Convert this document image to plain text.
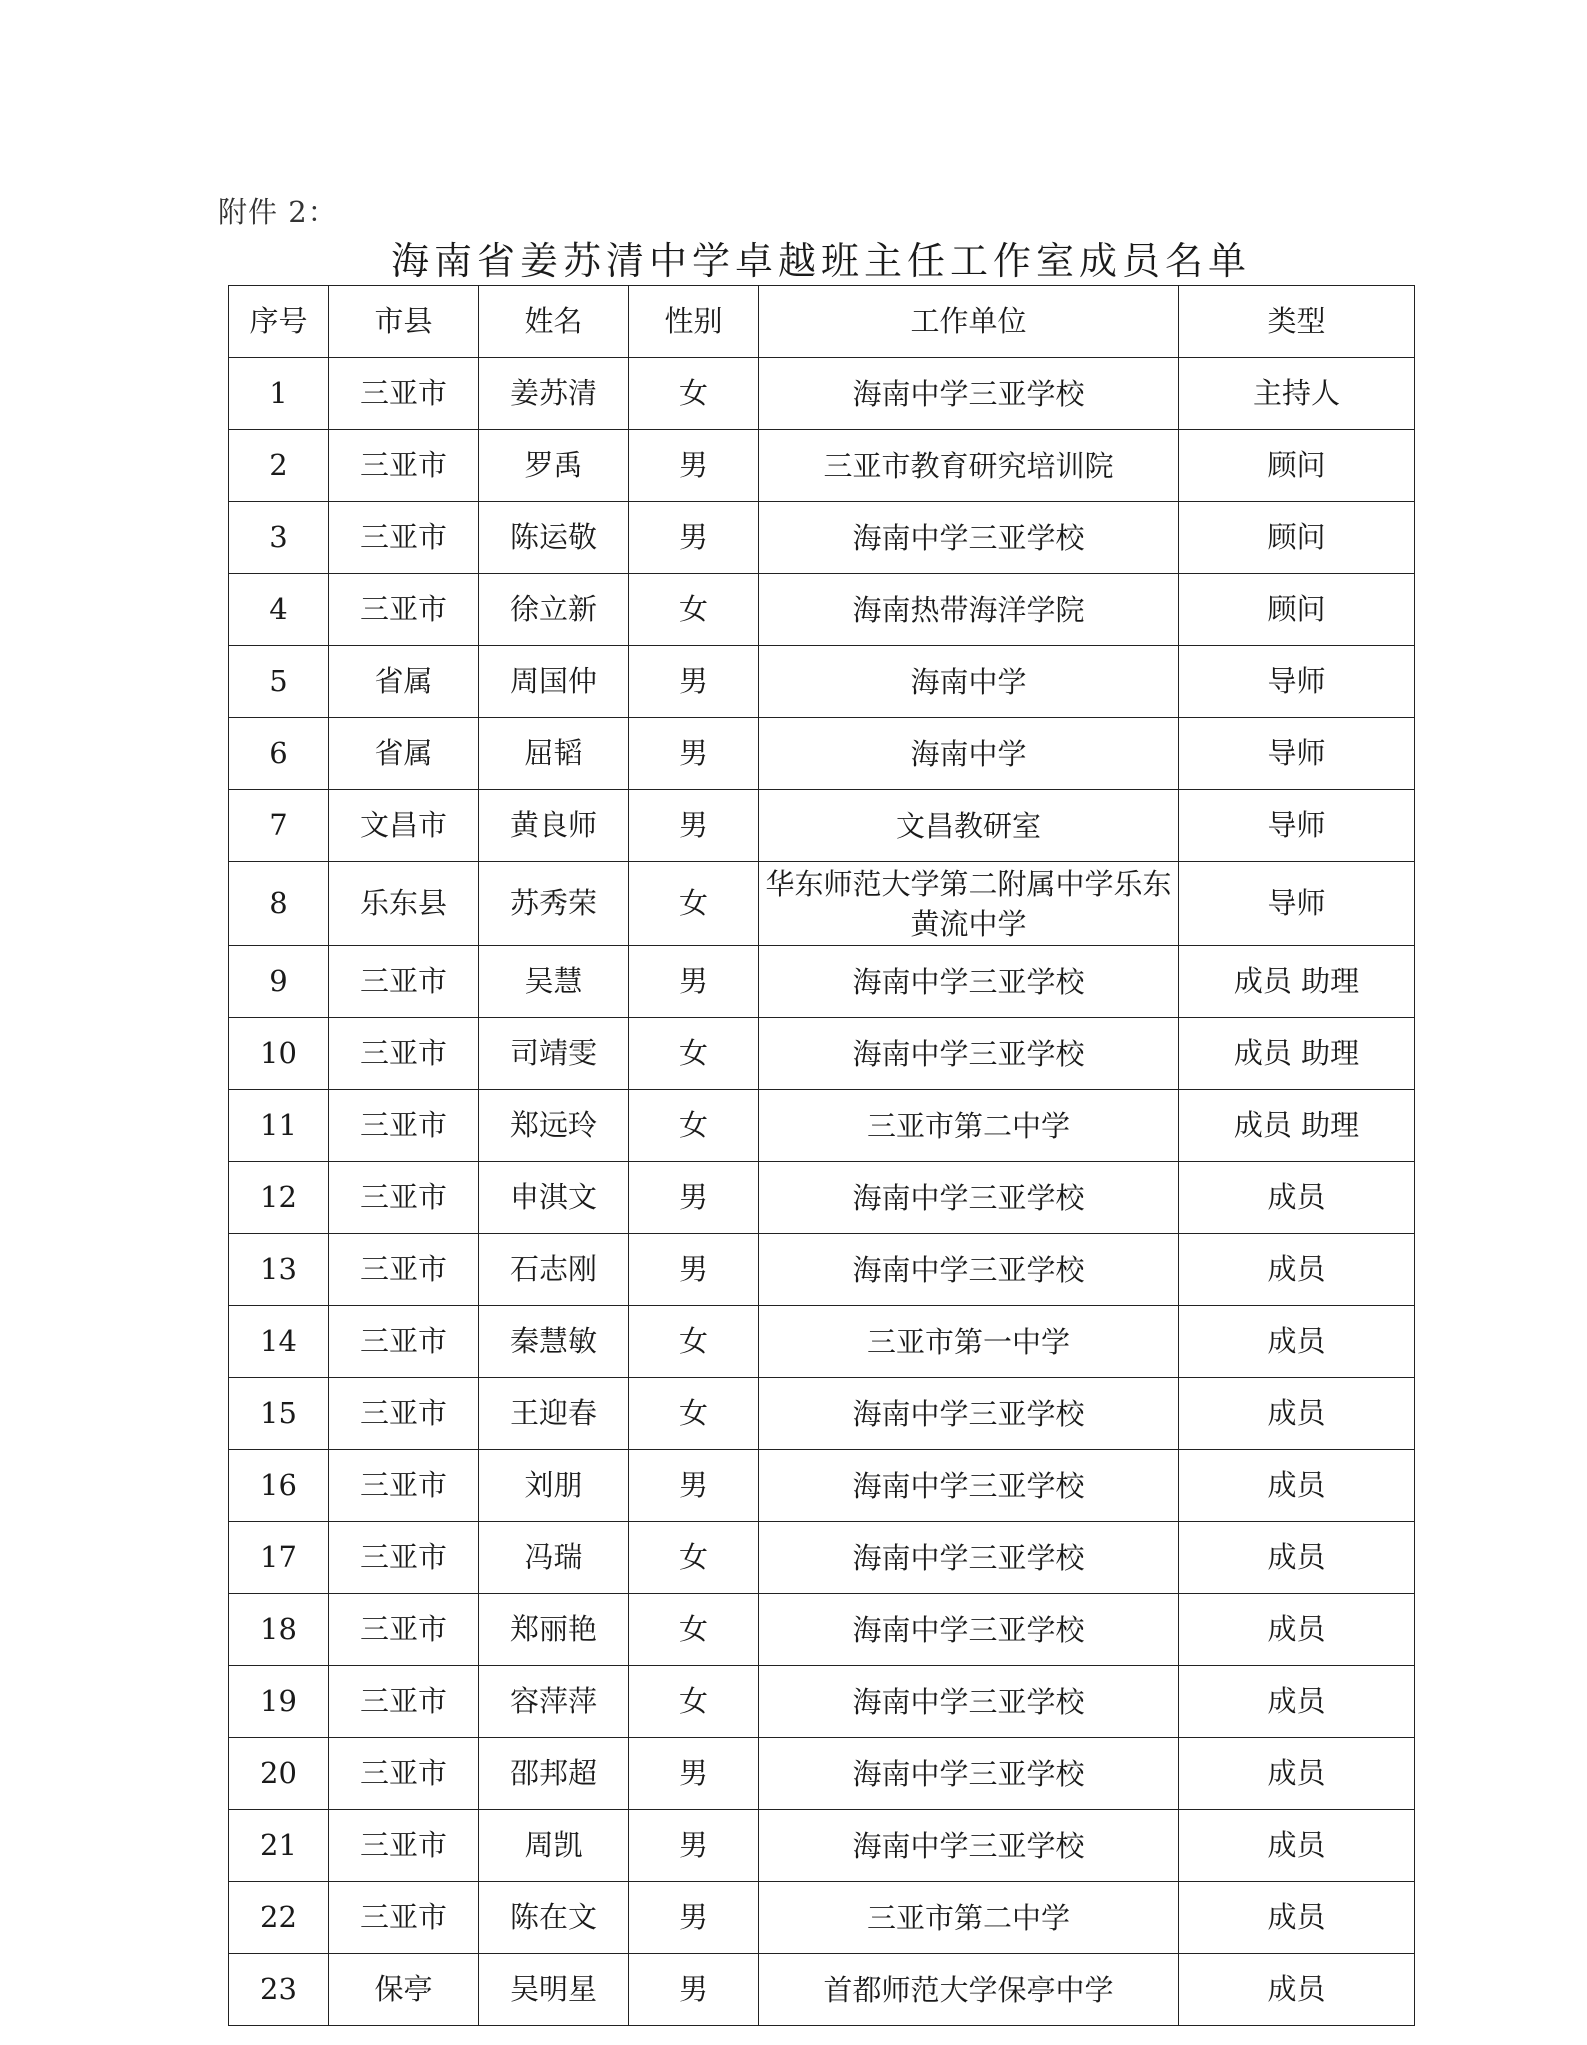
附件 2：
海南省姜苏清中学卓越班主任工作室成员名单
序号	市县	姓名	性别	工作单位	类型
1	三亚市	姜苏清	女	海南中学三亚学校	主持人
2	三亚市	罗禹	男	三亚市教育研究培训院	顾问
3	三亚市	陈运敬	男	海南中学三亚学校	顾问
4	三亚市	徐立新	女	海南热带海洋学院	顾问
5	省属	周国仲	男	海南中学	导师
6	省属	屈韬	男	海南中学	导师
7	文昌市	黄良师	男	文昌教研室	导师
8	乐东县	苏秀荣	女	华东师范大学第二附属中学乐东黄流中学	导师
9	三亚市	吴慧	男	海南中学三亚学校	成员 助理
10	三亚市	司靖雯	女	海南中学三亚学校	成员 助理
11	三亚市	郑远玲	女	三亚市第二中学	成员 助理
12	三亚市	申淇文	男	海南中学三亚学校	成员
13	三亚市	石志刚	男	海南中学三亚学校	成员
14	三亚市	秦慧敏	女	三亚市第一中学	成员
15	三亚市	王迎春	女	海南中学三亚学校	成员
16	三亚市	刘朋	男	海南中学三亚学校	成员
17	三亚市	冯瑞	女	海南中学三亚学校	成员
18	三亚市	郑丽艳	女	海南中学三亚学校	成员
19	三亚市	容萍萍	女	海南中学三亚学校	成员
20	三亚市	邵邦超	男	海南中学三亚学校	成员
21	三亚市	周凯	男	海南中学三亚学校	成员
22	三亚市	陈在文	男	三亚市第二中学	成员
23	保亭	吴明星	男	首都师范大学保亭中学	成员
